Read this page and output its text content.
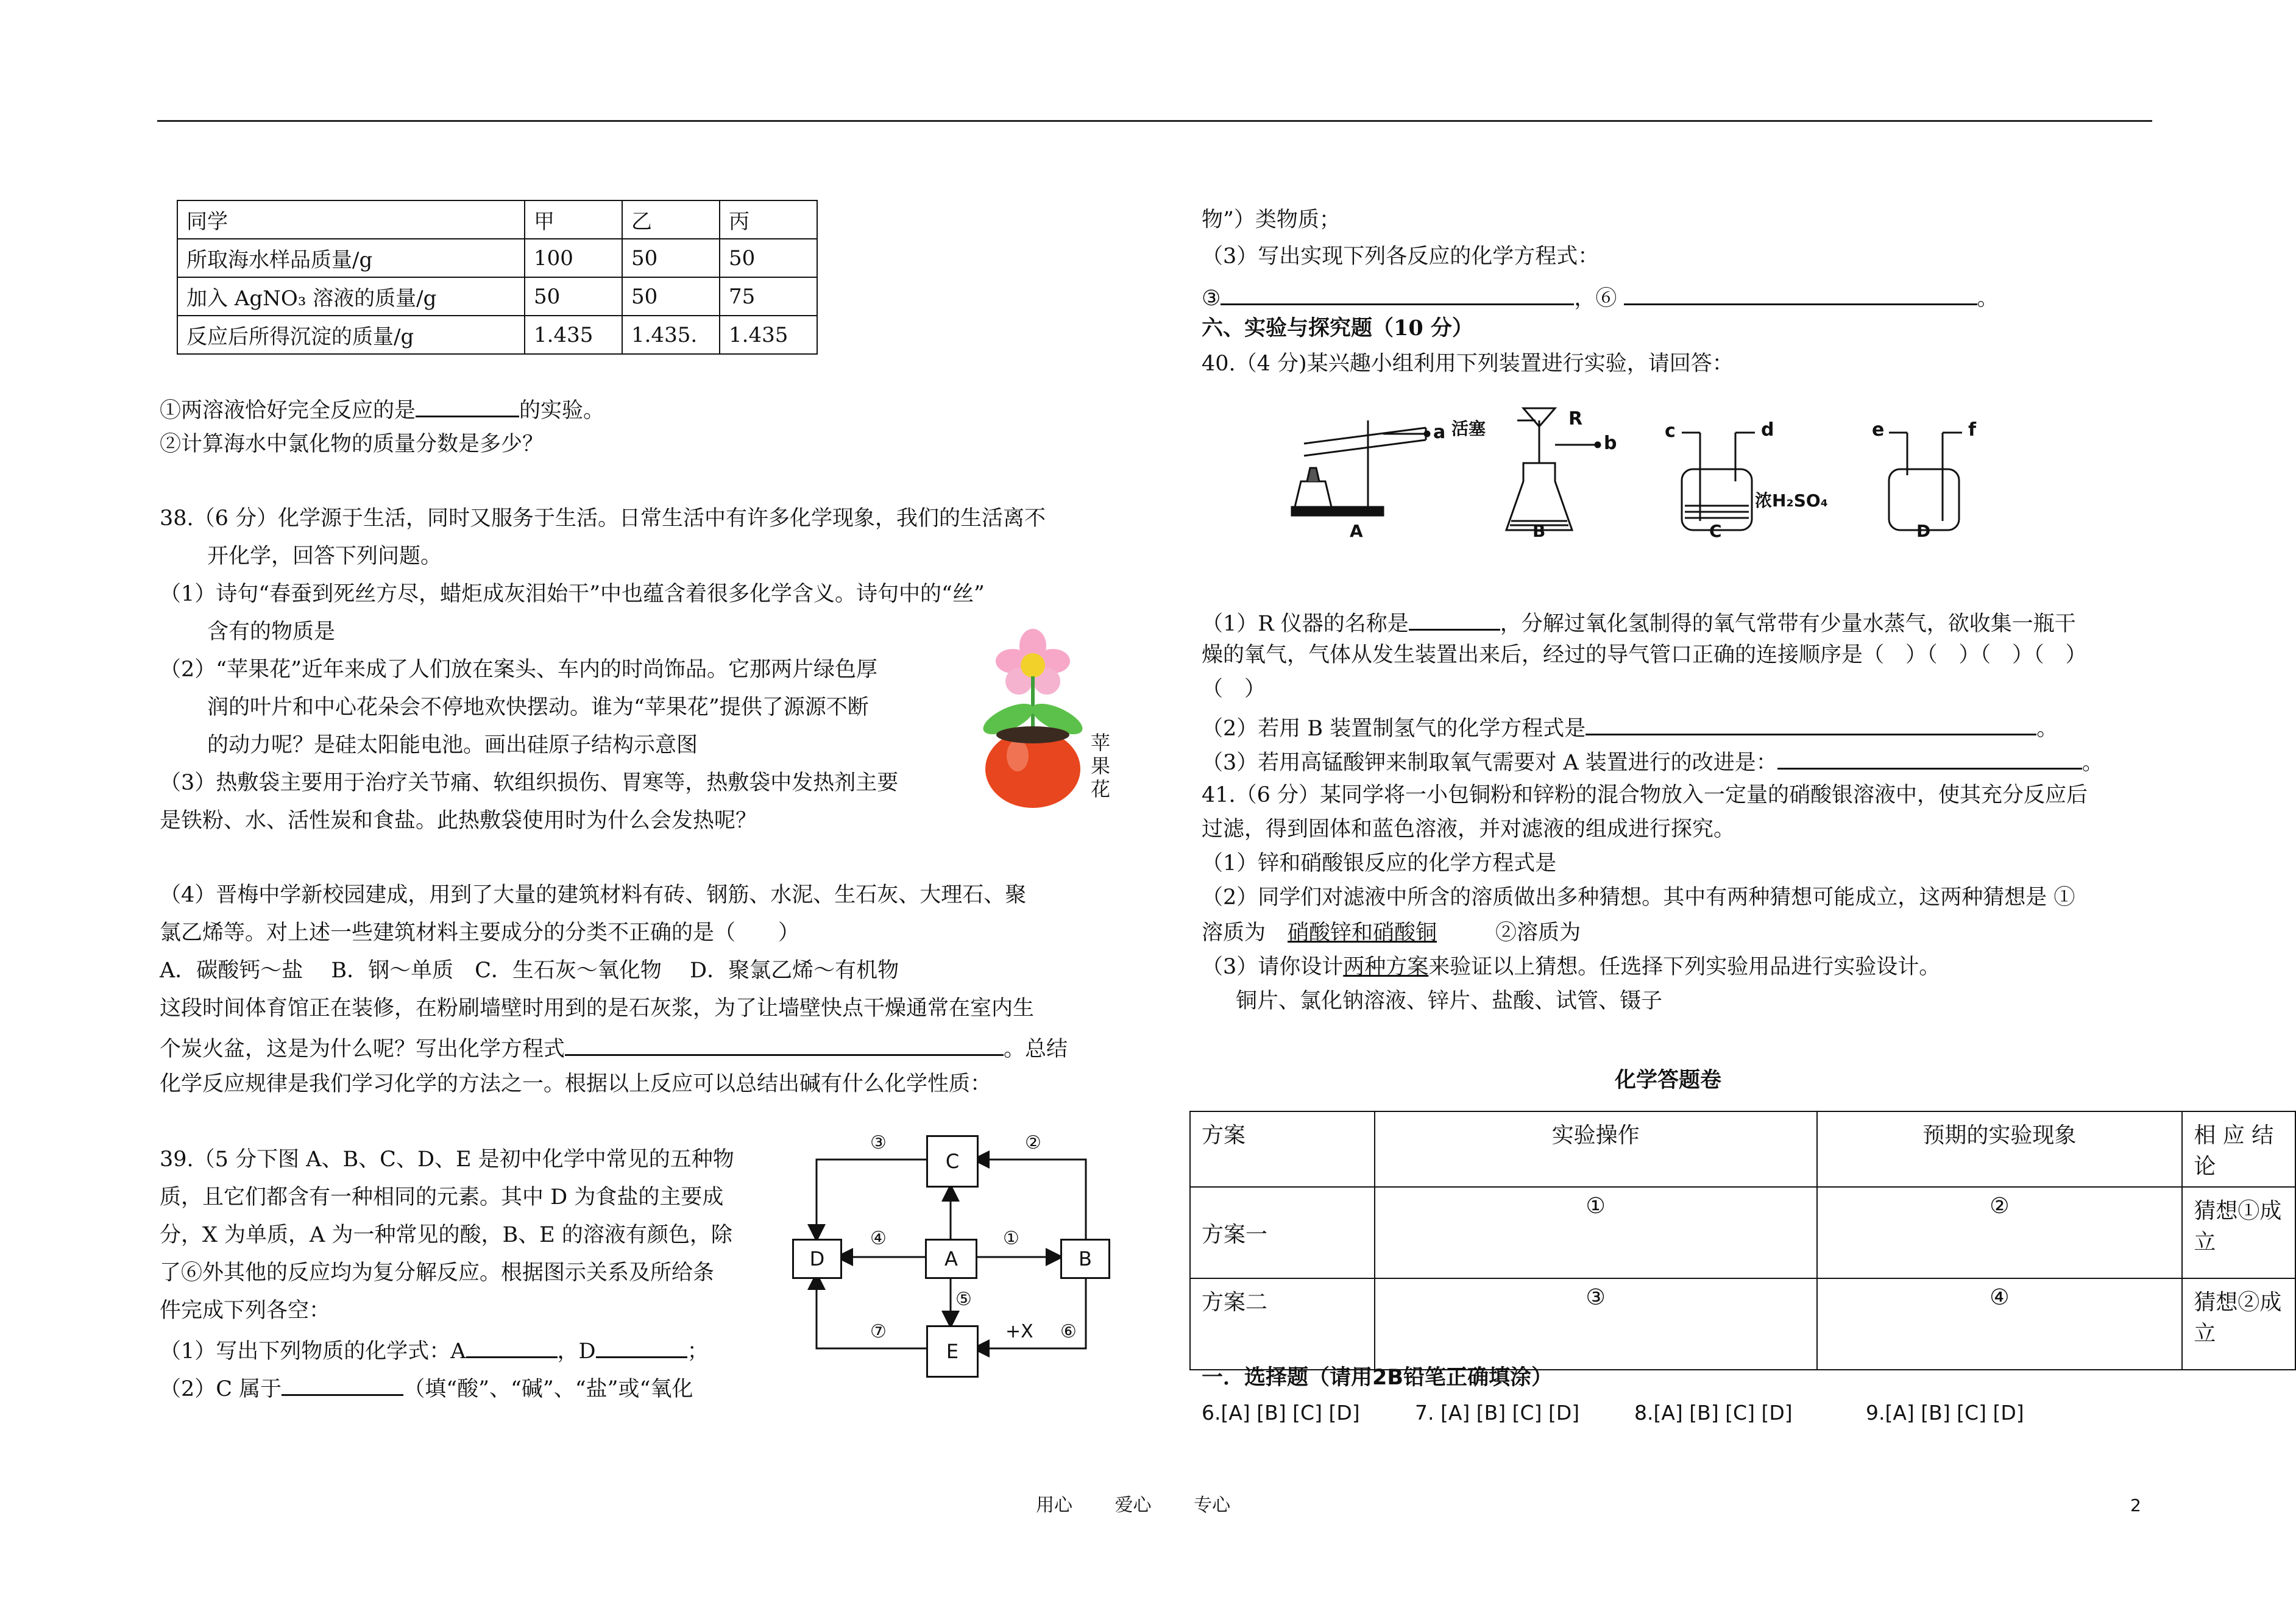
同学	甲	乙	丙
所取海水样品质量/g	100	50	50
加入 AgNO₃ 溶液的质量/g	50	50	75
反应后所得沉淀的质量/g	1.435	1.435.	1.435
①两溶液恰好完全反应的是	的实验。
②计算海水中氯化物的质量分数是多少？
38.（6 分）化学源于生活，同时又服务于生活。日常生活中有许多化学现象，我们的生活离不
开化学，回答下列问题。
（1）诗句“春蚕到死丝方尽，蜡炬成灰泪始干”中也蕴含着很多化学含义。诗句中的“丝”
含有的物质是
（2）“苹果花”近年来成了人们放在案头、车内的时尚饰品。它那两片绿色厚
润的叶片和中心花朵会不停地欢快摆动。谁为“苹果花”提供了源源不断
的动力呢？是硅太阳能电池。画出硅原子结构示意图
（3）热敷袋主要用于治疗关节痛、软组织损伤、胃寒等，热敷袋中发热剂主要
是铁粉、水、活性炭和食盐。此热敷袋使用时为什么会发热呢？
苹
果
花
（4）晋梅中学新校园建成，用到了大量的建筑材料有砖、钢筋、水泥、生石灰、大理石、聚
氯乙烯等。对上述一些建筑材料主要成分的分类不正确的是（　　）
A．碳酸钙～盐　 B．钢～单质　C．生石灰～氧化物　 D．聚氯乙烯～有机物
这段时间体育馆正在装修，在粉刷墙壁时用到的是石灰浆，为了让墙壁快点干燥通常在室内生
个炭火盆，这是为什么呢？写出化学方程式	。总结
化学反应规律是我们学习化学的方法之一。根据以上反应可以总结出碱有什么化学性质：
39.（5 分下图 A、B、C、D、E 是初中化学中常见的五种物
质，且它们都含有一种相同的元素。其中 D 为食盐的主要成
分，X 为单质，A 为一种常见的酸，B、E 的溶液有颜色，除
了⑥外其他的反应均为复分解反应。根据图示关系及所给条
件完成下列各空：
（1）写出下列物质的化学式：A	，D	；
（2）C 属于	（填“酸”、“碱”、“盐”或“氧化
C
A
D	B
E
③	②
④	①
⑤
⑦	+X ⑥
物”）类物质；
（3）写出实现下列各反应的化学方程式：
③	，⑥	。
六、实验与探究题（10 分）
40.（4 分)某兴趣小组利用下列装置进行实验，请回答：
A	B	C	D
a
b
c	d	e	f
R
活塞
浓H₂SO₄
（1）R 仪器的名称是	，分解过氧化氢制得的氧气常带有少量水蒸气，欲收集一瓶干
燥的氧气，气体从发生装置出来后，经过的导气管口正确的连接顺序是（　）（　）（　）（　）
（　）
（2）若用 B 装置制氢气的化学方程式是	。
（3）若用高锰酸钾来制取氧气需要对 A 装置进行的改进是：	。
41.（6 分）某同学将一小包铜粉和锌粉的混合物放入一定量的硝酸银溶液中，使其充分反应后
过滤，得到固体和蓝色溶液，并对滤液的组成进行探究。
（1）锌和硝酸银反应的化学方程式是
（2）同学们对滤液中所含的溶质做出多种猜想。其中有两种猜想可能成立，这两种猜想是 ①
溶质为 硝酸锌和硝酸铜	②溶质为
（3）请你设计两种方案来验证以上猜想。任选择下列实验用品进行实验设计。
铜片、氯化钠溶液、锌片、盐酸、试管、镊子
化学答题卷
方案	实验操作	预期的实验现象	相 应 结 论
方案一	①	②	猜想①成立
方案二	③	④	猜想②成立
一．选择题（请用2B铅笔正确填涂）
6.[A] [B] [C] [D]	7. [A] [B] [C] [D]	8.[A] [B] [C] [D]	9.[A] [B] [C] [D]
用心 爱心 专心	2
